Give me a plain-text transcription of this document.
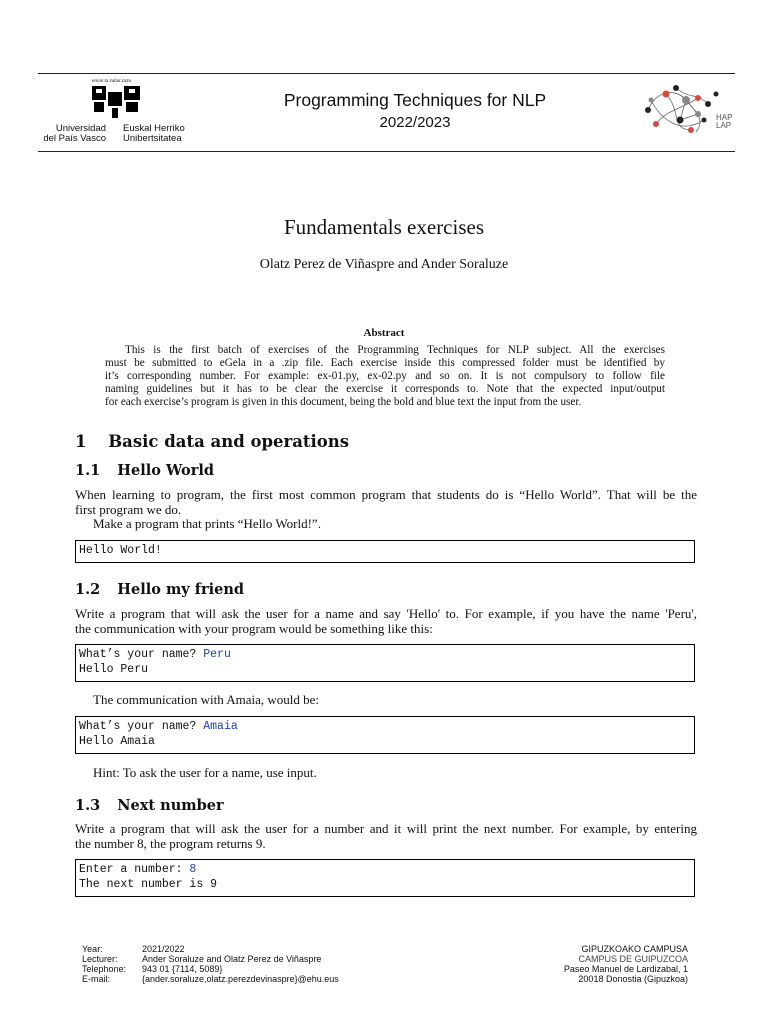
eman ta zabal zazu
Universidad
del País Vasco
Euskal Herriko
Unibertsitatea
Programming Techniques for NLP
2022/2023	HAP
LAP
Fundamentals exercises
Olatz Perez de Viñaspre and Ander Soraluze
Abstract
This is the first batch of exercises of the Programming Techniques for NLP subject. All the exercises
must be submitted to eGela in a .zip file. Each exercise inside this compressed folder must be identified by
it’s corresponding number. For example: ex-01.py, ex-02.py and so on. It is not compulsory to follow file
naming guidelines but it has to be clear the exercise it corresponds to. Note that the expected input/output
for each exercise’s program is given in this document, being the bold and blue text the input from the user.
1 Basic data and operations
1.1 Hello World
When learning to program, the first most common program that students do is “Hello World”. That will be the
first program we do.
Make a program that prints “Hello World!”.
Hello World!
1.2 Hello my friend
Write a program that will ask the user for a name and say 'Hello' to. For example, if you have the name 'Peru',
the communication with your program would be something like this:
What’s your name? Peru
Hello Peru
The communication with Amaia, would be:
What’s your name? Amaia
Hello Amaia
Hint: To ask the user for a name, use input.
1.3 Next number
Write a program that will ask the user for a number and it will print the next number. For example, by entering
the number 8, the program returns 9.
Enter a number: 8
The next number is 9
Year:
Lecturer:
Telephone:
E-mail:
2021/2022
Ander Soraluze and Olatz Perez de Viñaspre
943 01 {7114, 5089}
{ander.soraluze,olatz.perezdevinaspre}@ehu.eus
GIPUZKOAKO CAMPUSA
CAMPUS DE GUIPUZCOA
Paseo Manuel de Lardizabal, 1
20018 Donostia (Gipuzkoa)
